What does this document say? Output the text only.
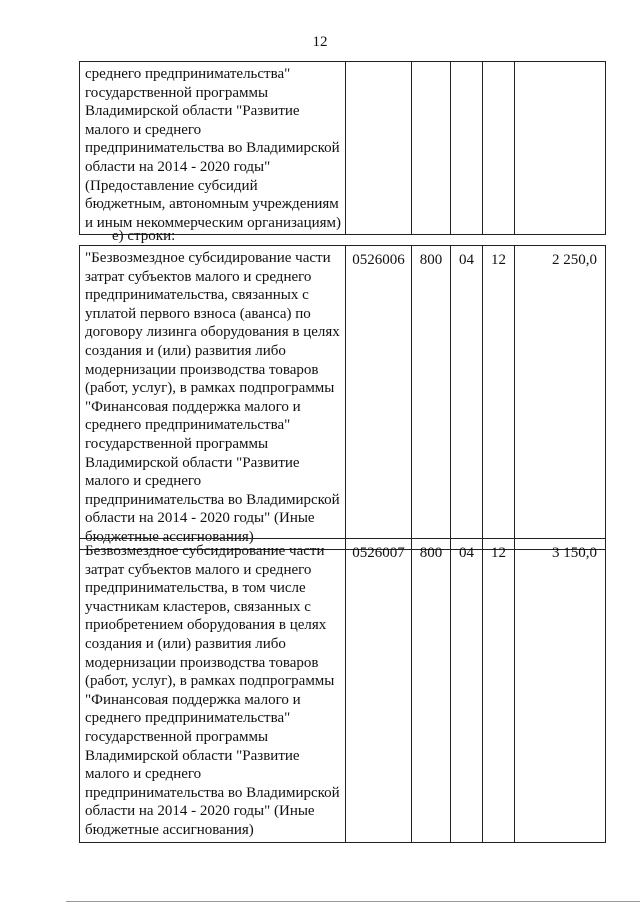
12
среднего предпринимательства"
государственной программы
Владимирской области "Развитие
малого и среднего
предпринимательства во Владимирской
области на 2014 - 2020 годы"
(Предоставление субсидий
бюджетным, автономным учреждениям
и иным некоммерческим организациям)					
е) строки:
"Безвозмездное субсидирование части
затрат субъектов малого и среднего
предпринимательства, связанных с
уплатой первого взноса (аванса) по
договору лизинга оборудования в целях
создания и (или) развития либо
модернизации производства товаров
(работ, услуг), в рамках подпрограммы
"Финансовая поддержка малого и
среднего предпринимательства"
государственной программы
Владимирской области "Развитие
малого и среднего
предпринимательства во Владимирской
области на 2014 - 2020 годы" (Иные
бюджетные ассигнования)	0526006	800	04	12	2 250,0
Безвозмездное субсидирование части
затрат субъектов малого и среднего
предпринимательства, в том числе
участникам кластеров, связанных с
приобретением оборудования в целях
создания и (или) развития либо
модернизации производства товаров
(работ, услуг), в рамках подпрограммы
"Финансовая поддержка малого и
среднего предпринимательства"
государственной программы
Владимирской области "Развитие
малого и среднего
предпринимательства во Владимирской
области на 2014 - 2020 годы" (Иные
бюджетные ассигнования)	0526007	800	04	12	3 150,0
